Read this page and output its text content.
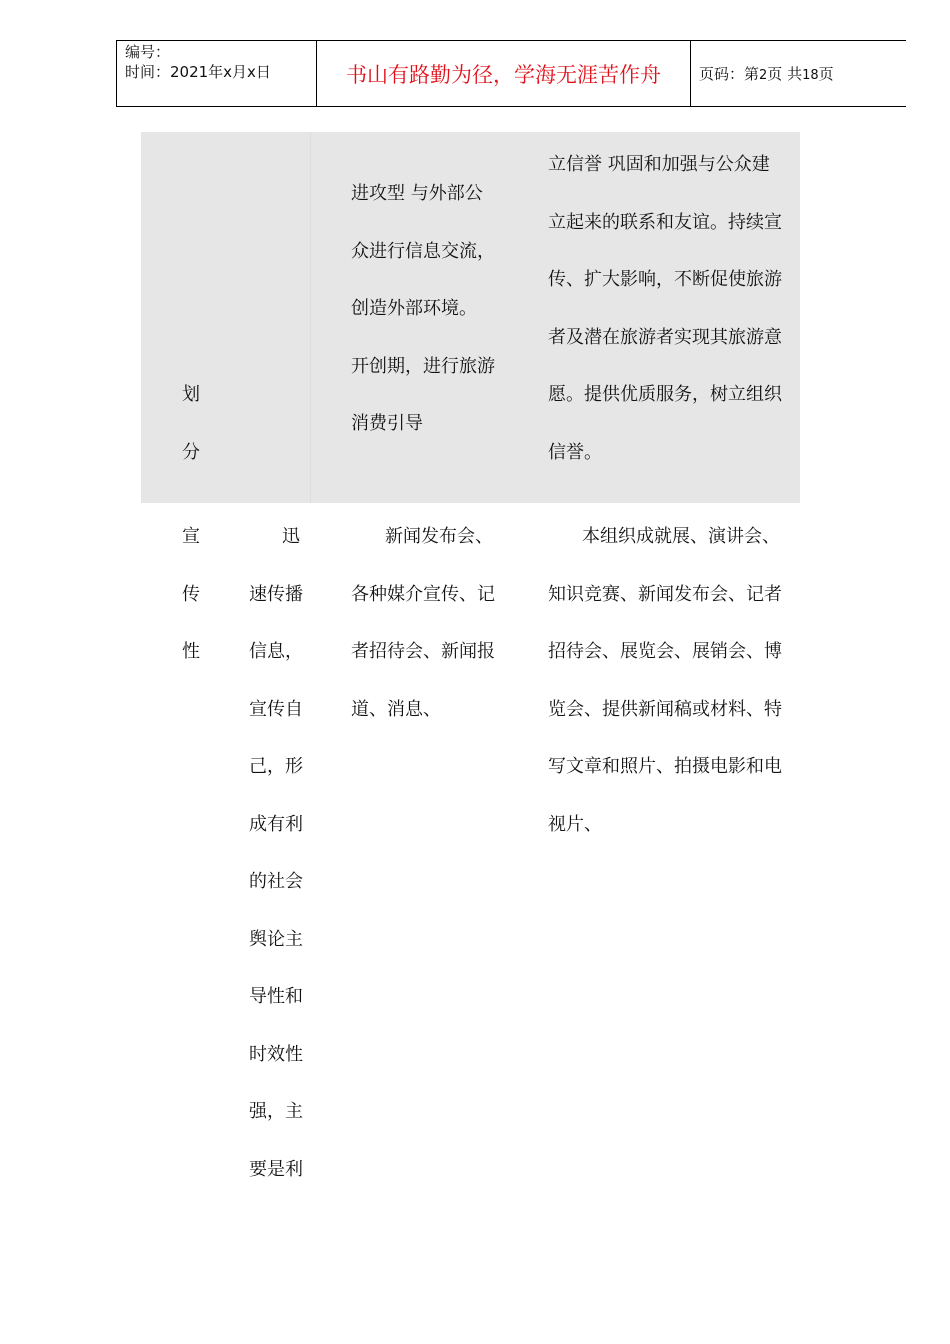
编号：
时间：2021年x月x日	书山有路勤为径，学海无涯苦作舟	页码：第2页 共18页
划
分
进攻型 与外部公
众进行信息交流，
创造外部环境。
开创期，进行旅游
消费引导
立信誉 巩固和加强与公众建
立起来的联系和友谊。持续宣
传、扩大影响，不断促使旅游
者及潜在旅游者实现其旅游意
愿。提供优质服务，树立组织
信誉。
宣
传
性
迅
速传播
信息，
宣传自
己，形
成有利
的社会
舆论主
导性和
时效性
强，主
要是利
新闻发布会、
各种媒介宣传、记
者招待会、新闻报
道、消息、
本组织成就展、演讲会、
知识竞赛、新闻发布会、记者
招待会、展览会、展销会、博
览会、提供新闻稿或材料、特
写文章和照片、拍摄电影和电
视片、
